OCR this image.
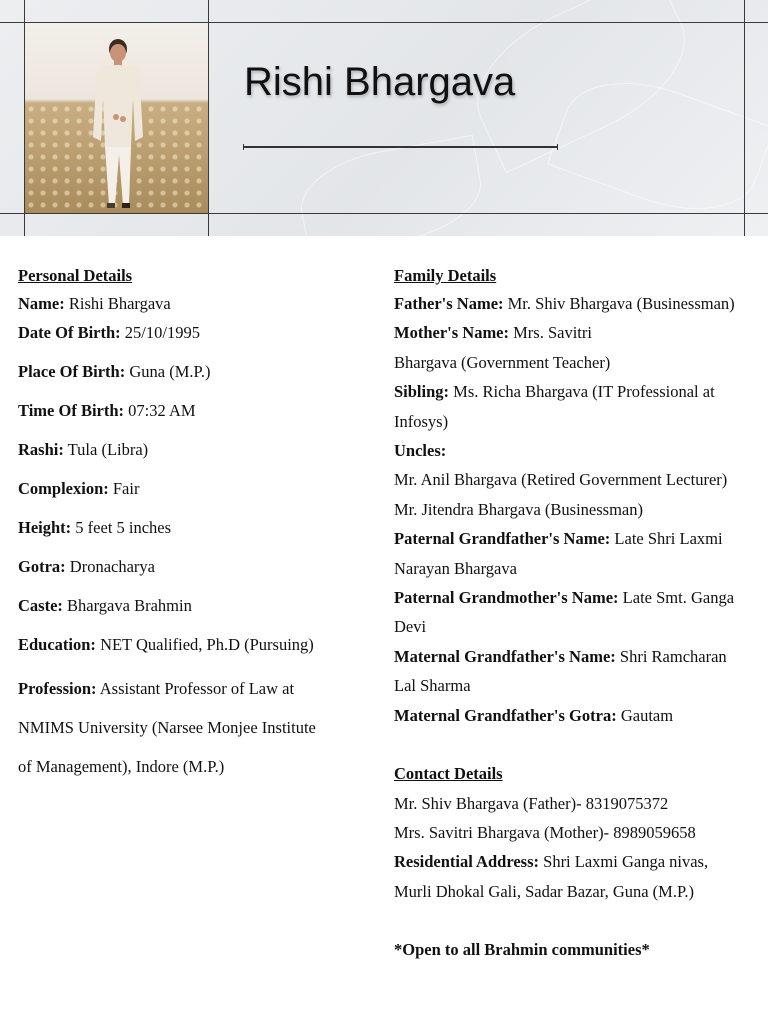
Rishi Bhargava

Personal Details

Name: Rishi Bhargava

Date Of Birth: 25/10/1995

Place Of Birth: Guna (M.P.)

Time Of Birth: 07:32 AM

Rashi: Tula (Libra)

Complexion: Fair

Height: 5 feet 5 inches

Gotra: Dronacharya

Caste: Bhargava Brahmin

Education: NET Qualified, Ph.D (Pursuing)

Profession: Assistant Professor of Law at

NMIMS University (Narsee Monjee Institute

of Management), Indore (M.P.)

Family Details

Father's Name: Mr. Shiv Bhargava (Businessman)

Mother's Name: Mrs. Savitri

Bhargava (Government Teacher)

Sibling: Ms. Richa Bhargava (IT Professional at

Infosys)

Uncles:

Mr. Anil Bhargava (Retired Government Lecturer)

Mr. Jitendra Bhargava (Businessman)

Paternal Grandfather's Name: Late Shri Laxmi

Narayan Bhargava

Paternal Grandmother's Name: Late Smt. Ganga

Devi

Maternal Grandfather's Name: Shri Ramcharan

Lal Sharma

Maternal Grandfather's Gotra: Gautam

Contact Details

Mr. Shiv Bhargava (Father)- 8319075372

Mrs. Savitri Bhargava (Mother)- 8989059658

Residential Address: Shri Laxmi Ganga nivas,

Murli Dhokal Gali, Sadar Bazar, Guna (M.P.)

*Open to all Brahmin communities*
